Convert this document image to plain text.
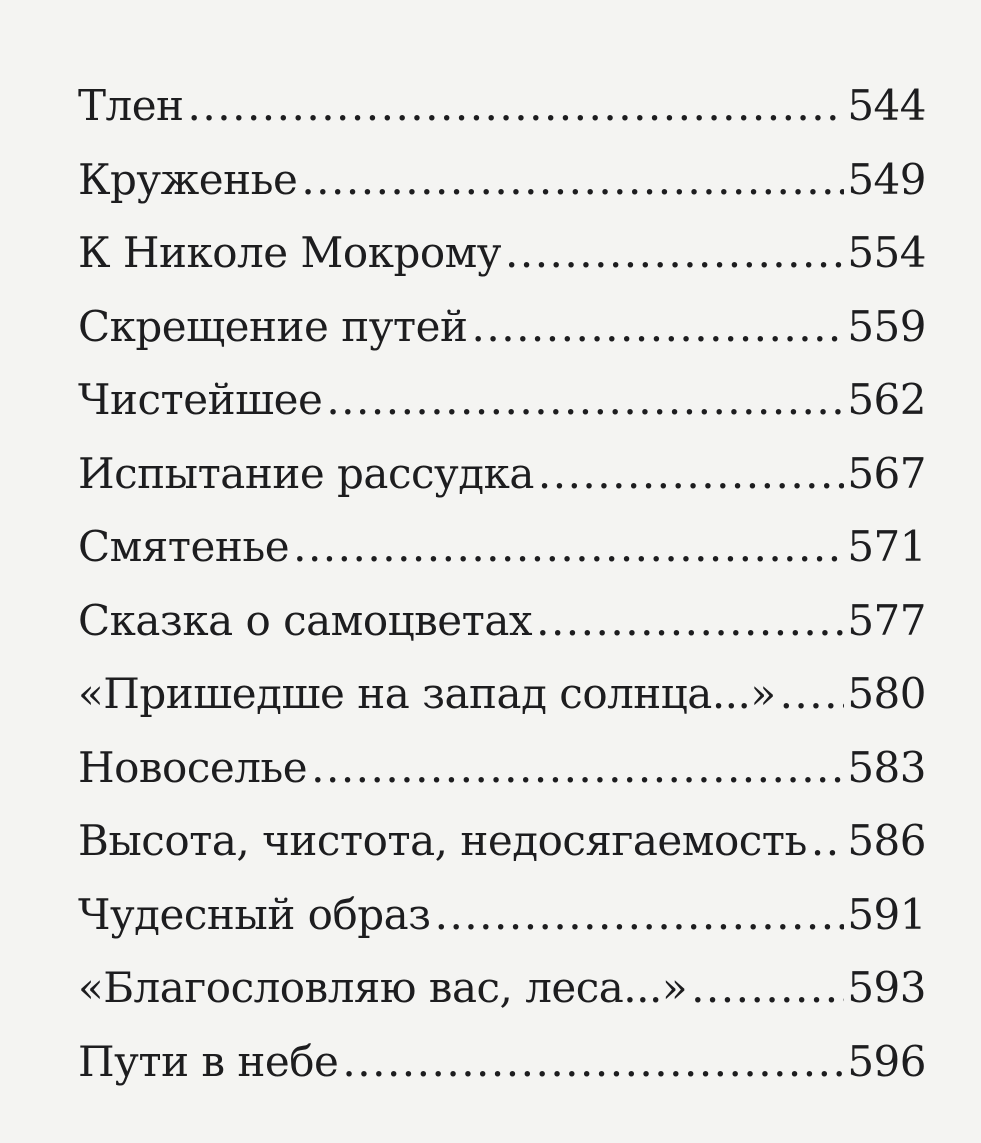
Тлен .....	544
Круженье .....	549
К Николе Мокрому .....	554
Скрещение путей .....	559
Чистейшее .....	562
Испытание рассудка .....	567
Смятенье .....	571
Сказка о самоцветах .....	577
«Пришедше на запад солнца...» ..... 580
Новоселье .....	583
Высота, чистота, недосягаемость ..... 586
Чудесный образ .....	591
«Благословляю вас, леса...» .....	593
Пути в небе .....	596
